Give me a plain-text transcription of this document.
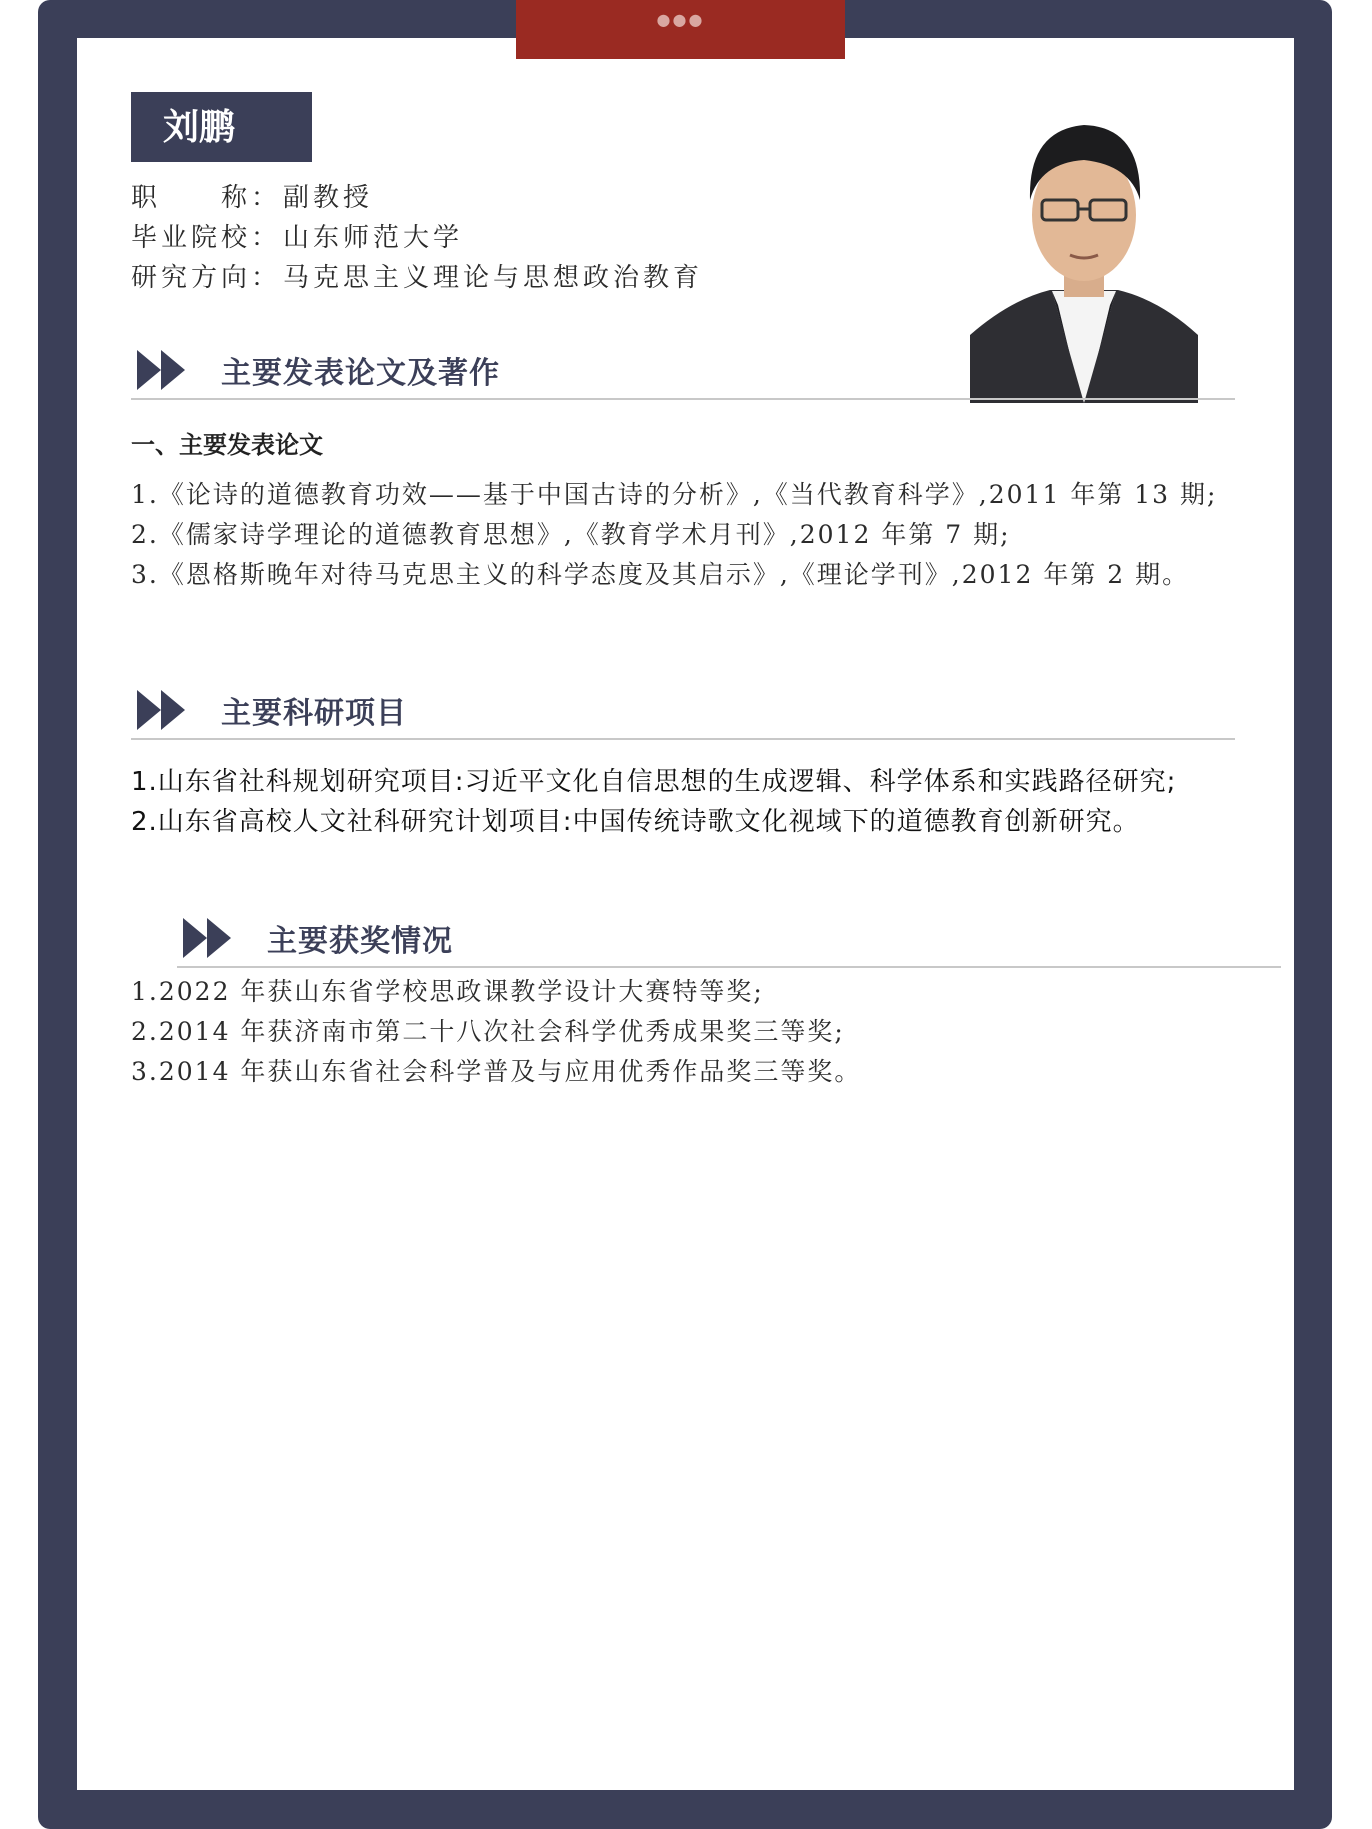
●●●
刘鹏
职　　称：副教授
毕业院校：山东师范大学
研究方向：马克思主义理论与思想政治教育
主要发表论文及著作
一、主要发表论文
1.《论诗的道德教育功效——基于中国古诗的分析》,《当代教育科学》,2011 年第 13 期;
2.《儒家诗学理论的道德教育思想》,《教育学术月刊》,2012 年第 7 期;
3.《恩格斯晚年对待马克思主义的科学态度及其启示》,《理论学刊》,2012 年第 2 期。
主要科研项目
1.山东省社科规划研究项目:习近平文化自信思想的生成逻辑、科学体系和实践路径研究;
2.山东省高校人文社科研究计划项目:中国传统诗歌文化视域下的道德教育创新研究。
主要获奖情况
1.2022 年获山东省学校思政课教学设计大赛特等奖;
2.2014 年获济南市第二十八次社会科学优秀成果奖三等奖;
3.2014 年获山东省社会科学普及与应用优秀作品奖三等奖。
